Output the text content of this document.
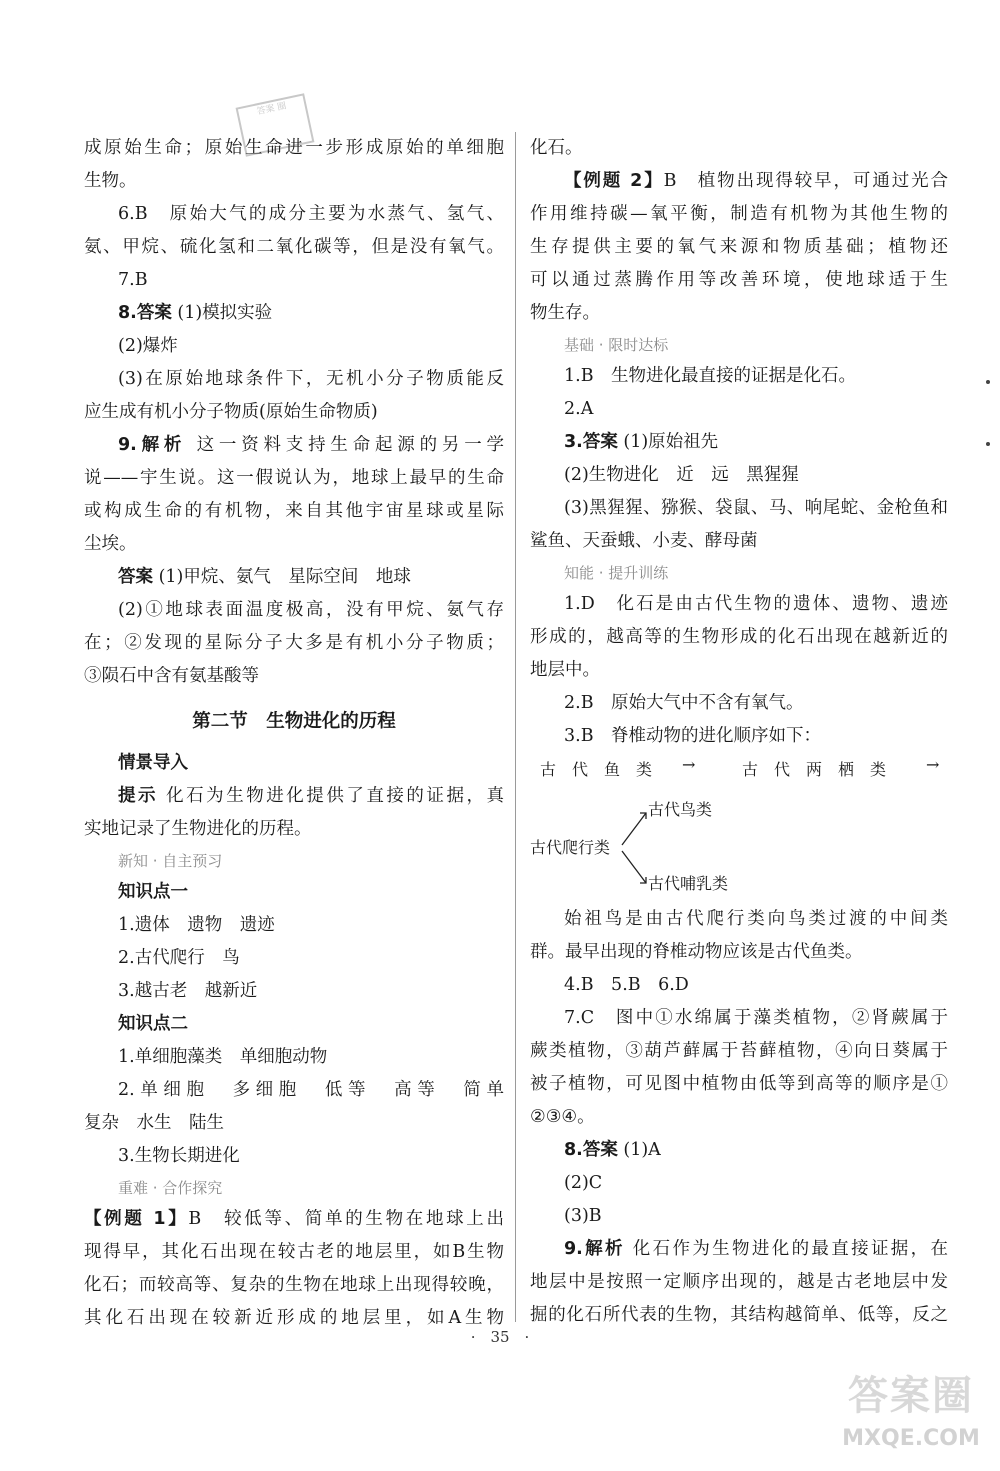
答案 圈
成原始生命；原始生命进一步形成原始的单细胞
生物。
6.B　原始大气的成分主要为水蒸气、氢气、
氨、甲烷、硫化氢和二氧化碳等，但是没有氧气。
7.B
8.答案 (1)模拟实验
(2)爆炸
(3)在原始地球条件下，无机小分子物质能反
应生成有机小分子物质(原始生命物质)
9.解析 这一资料支持生命起源的另一学
说——宇生说。这一假说认为，地球上最早的生命
或构成生命的有机物，来自其他宇宙星球或星际
尘埃。
答案 (1)甲烷、氨气　星际空间　地球
(2)①地球表面温度极高，没有甲烷、氨气存
在；②发现的星际分子大多是有机小分子物质；
③陨石中含有氨基酸等
第二节　生物进化的历程
情景导入
提示 化石为生物进化提供了直接的证据，真
实地记录了生物进化的历程。
新知 · 自主预习
知识点一
1.遗体　遗物　遗迹
2.古代爬行　鸟
3.越古老　越新近
知识点二
1.单细胞藻类　单细胞动物
2.单细胞　多细胞　低等　高等　简单
复杂　水生　陆生
3.生物长期进化
重难 · 合作探究
【例题 1】B　较低等、简单的生物在地球上出
现得早，其化石出现在较古老的地层里，如B生物
化石；而较高等、复杂的生物在地球上出现得较晚，
其化石出现在较新近形成的地层里，如A生物
化石。
【例题 2】B　植物出现得较早，可通过光合
作用维持碳—氧平衡，制造有机物为其他生物的
生存提供主要的氧气来源和物质基础；植物还
可以通过蒸腾作用等改善环境，使地球适于生
物生存。
基础 · 限时达标
1.B　生物进化最直接的证据是化石。
2.A
3.答案 (1)原始祖先
(2)生物进化　近　远　黑猩猩
(3)黑猩猩、猕猴、袋鼠、马、响尾蛇、金枪鱼和
鲨鱼、天蚕蛾、小麦、酵母菌
知能 · 提升训练
1.D　化石是由古代生物的遗体、遗物、遗迹
形成的，越高等的生物形成的化石出现在越新近的
地层中。
2.B　原始大气中不含有氧气。
3.B　脊椎动物的进化顺序如下：
古　代　鱼　类 →	古　代　两　栖　类 →
古代鸟类
古代爬行类
古代哺乳类
始祖鸟是由古代爬行类向鸟类过渡的中间类
群。最早出现的脊椎动物应该是古代鱼类。
4.B　5.B　6.D
7.C　图中①水绵属于藻类植物，②肾蕨属于
蕨类植物，③葫芦藓属于苔藓植物，④向日葵属于
被子植物，可见图中植物由低等到高等的顺序是①
②③④。
8.答案 (1)A
(2)C
(3)B
9.解析 化石作为生物进化的最直接证据，在
地层中是按照一定顺序出现的，越是古老地层中发
掘的化石所代表的生物，其结构越简单、低等，反之
·　35　·
答案圈
MXQE.COM
